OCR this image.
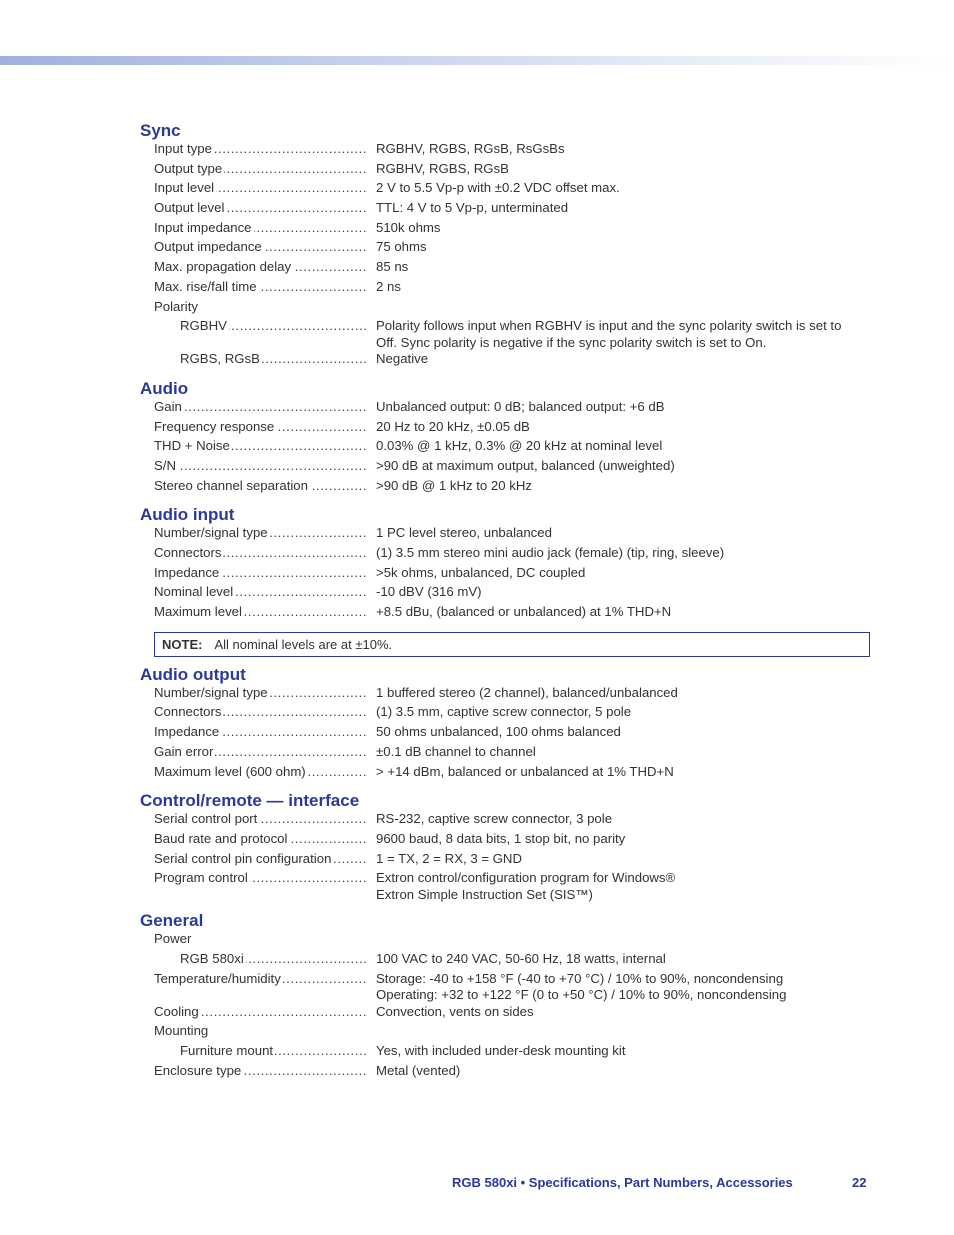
Sync
Input type .....	RGBHV, RGBS, RGsB, RsGsBs
Output type .....	RGBHV, RGBS, RGsB
Input level .....	2 V to 5.5 Vp-p with ±0.2 VDC offset max.
Output level .....	TTL: 4 V to 5 Vp-p, unterminated
Input impedance .....	510k ohms
Output impedance .....	75 ohms
Max. propagation delay .....	85 ns
Max. rise/fall time .....	2 ns
Polarity

RGBHV .....	Polarity follows input when RGBHV is input and the sync polarity switch is set to
Off. Sync polarity is negative if the sync polarity switch is set to On.
RGBS, RGsB .....	Negative
Audio
Gain .....	Unbalanced output: 0 dB; balanced output: +6 dB
Frequency response .....	20 Hz to 20 kHz, ±0.05 dB
THD + Noise .....	0.03% @ 1 kHz, 0.3% @ 20 kHz at nominal level
S/N .....	>90 dB at maximum output, balanced (unweighted)
Stereo channel separation .....	>90 dB @ 1 kHz to 20 kHz
Audio input
Number/signal type .....	1 PC level stereo, unbalanced
Connectors .....	(1) 3.5 mm stereo mini audio jack (female) (tip, ring, sleeve)
Impedance .....	>5k ohms, unbalanced, DC coupled
Nominal level .....	-10 dBV (316 mV)
Maximum level .....	+8.5 dBu, (balanced or unbalanced) at 1% THD+N
NOTE: All nominal levels are at ±10%.
Audio output
Number/signal type .....	1 buffered stereo (2 channel), balanced/unbalanced
Connectors .....	(1) 3.5 mm, captive screw connector, 5 pole
Impedance .....	50 ohms unbalanced, 100 ohms balanced
Gain error .....	±0.1 dB channel to channel
Maximum level (600 ohm) .....	> +14 dBm, balanced or unbalanced at 1% THD+N
Control/remote — interface
Serial control port .....	RS-232, captive screw connector, 3 pole
Baud rate and protocol .....	9600 baud, 8 data bits, 1 stop bit, no parity
Serial control pin configuration .....	1 = TX, 2 = RX, 3 = GND
Program control .....	Extron control/configuration program for Windows®
Extron Simple Instruction Set (SIS™)
General
Power

RGB 580xi .....	100 VAC to 240 VAC, 50-60 Hz, 18 watts, internal
Temperature/humidity .....	Storage: -40 to +158 °F (-40 to +70 °C) / 10% to 90%, noncondensing
Operating: +32 to +122 °F (0 to +50 °C) / 10% to 90%, noncondensing
Cooling .....	Convection, vents on sides
Mounting

Furniture mount .....	Yes, with included under-desk mounting kit
Enclosure type .....	Metal (vented)
RGB 580xi • Specifications, Part Numbers, Accessories	22
